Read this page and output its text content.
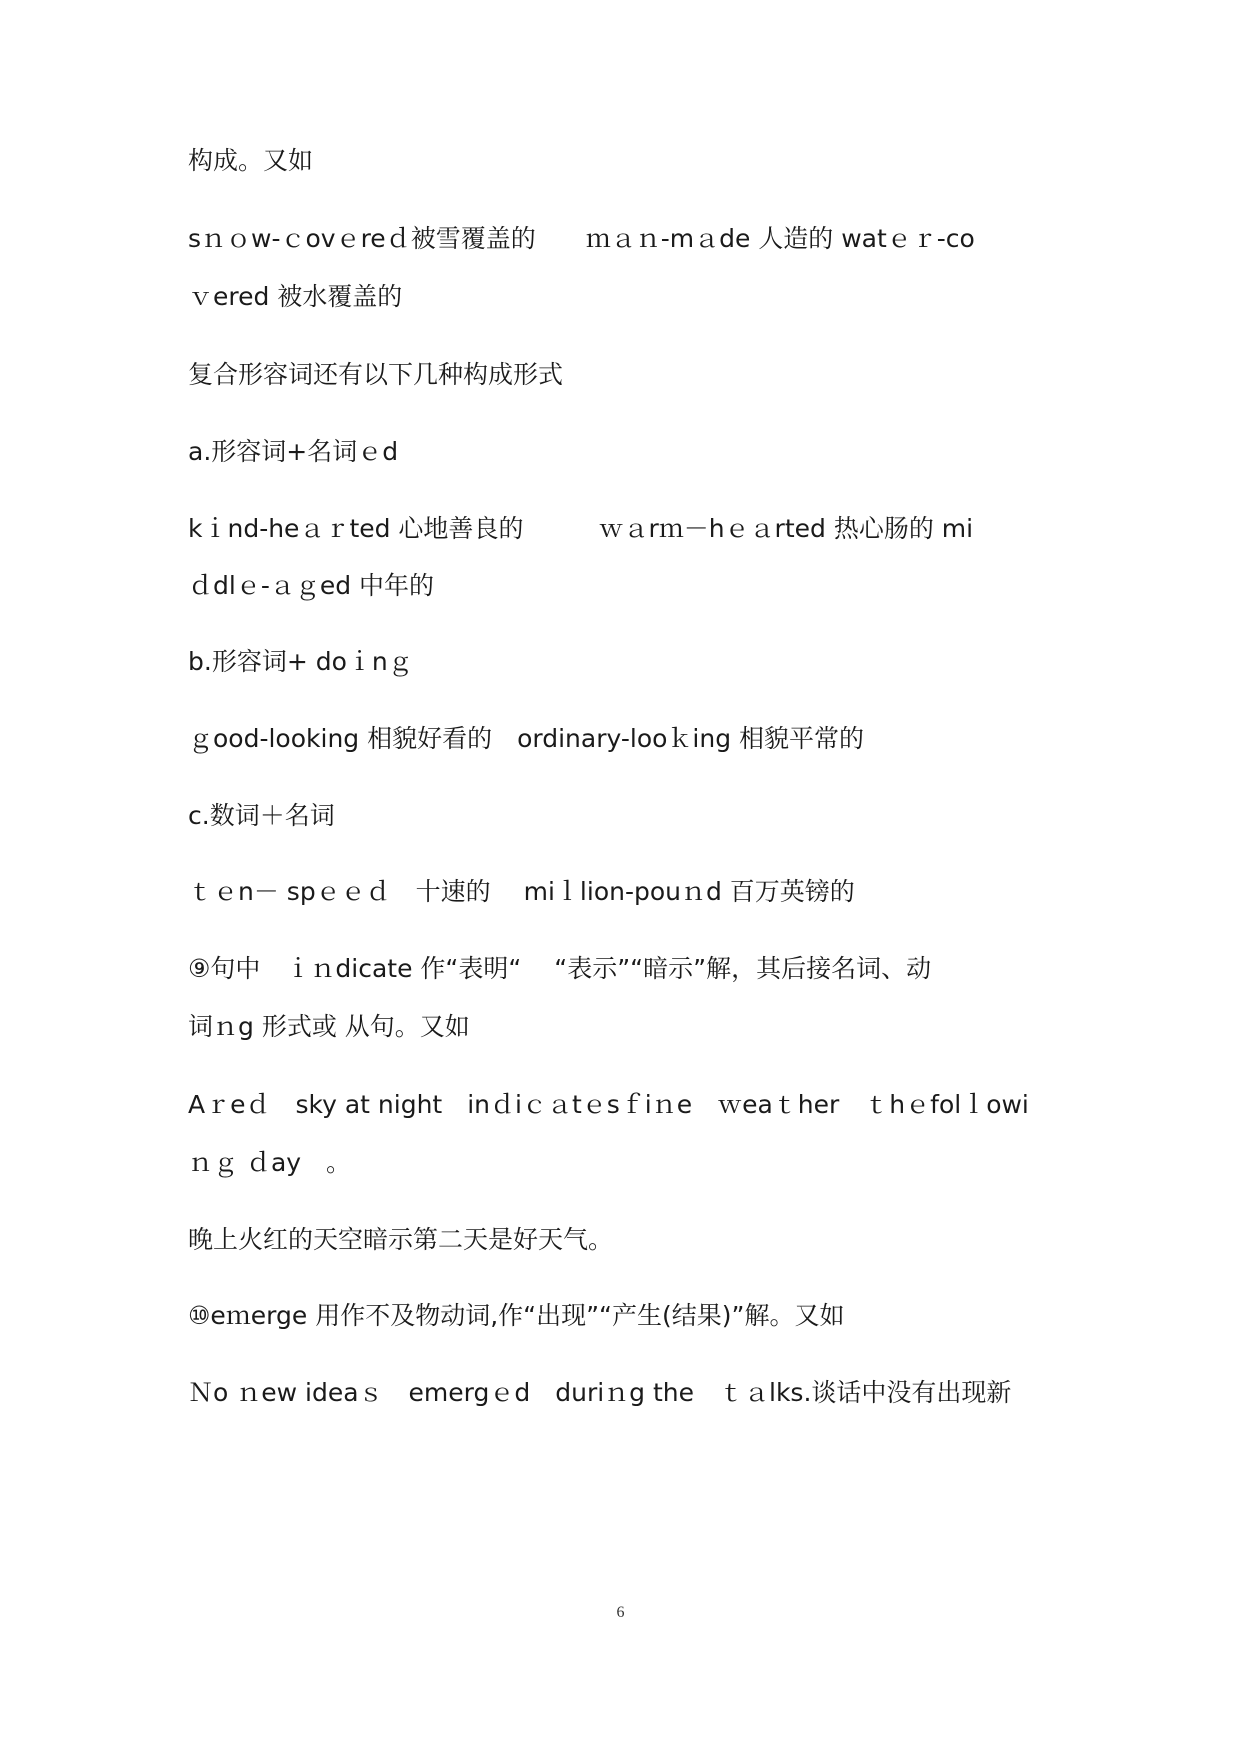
构成。又如
sｎｏw-ｃovｅreｄ被雪覆盖的　　ｍａｎ-mａde 人造的 watｅｒ-co
ｖered 被水覆盖的
复合形容词还有以下几种构成形式
a.形容词+名词ｅd
kｉnd-heａｒted 心地善良的　　　ｗａrｍ－hｅａrted 热心肠的 mi
ｄdlｅ-ａｇed 中年的
b.形容词+ doｉnｇ
ｇood-looking 相貌好看的　ordinary-looｋing 相貌平常的
c.数词＋名词
ｔｅn－ spｅｅｄ　十速的　 miｌlion-pouｎd 百万英镑的
⑨句中　ｉｎdicate 作“表明“　 “表示”“暗示”解，其后接名词、动
词ｎg 形式或 从句。又如
Aｒeｄ　sky at night　inｄiｃａtｅsｆiｎe　ｗeaｔher　ｔhｅfolｌowi
ｎｇ ｄay　。
晚上火红的天空暗示第二天是好天气。
⑩eｍerge 用作不及物动词,作“出现”“产生(结果)”解。又如
Ｎo ｎew ideaｓ　emergｅd　duriｎg the　ｔａlks.谈话中没有出现新
6
